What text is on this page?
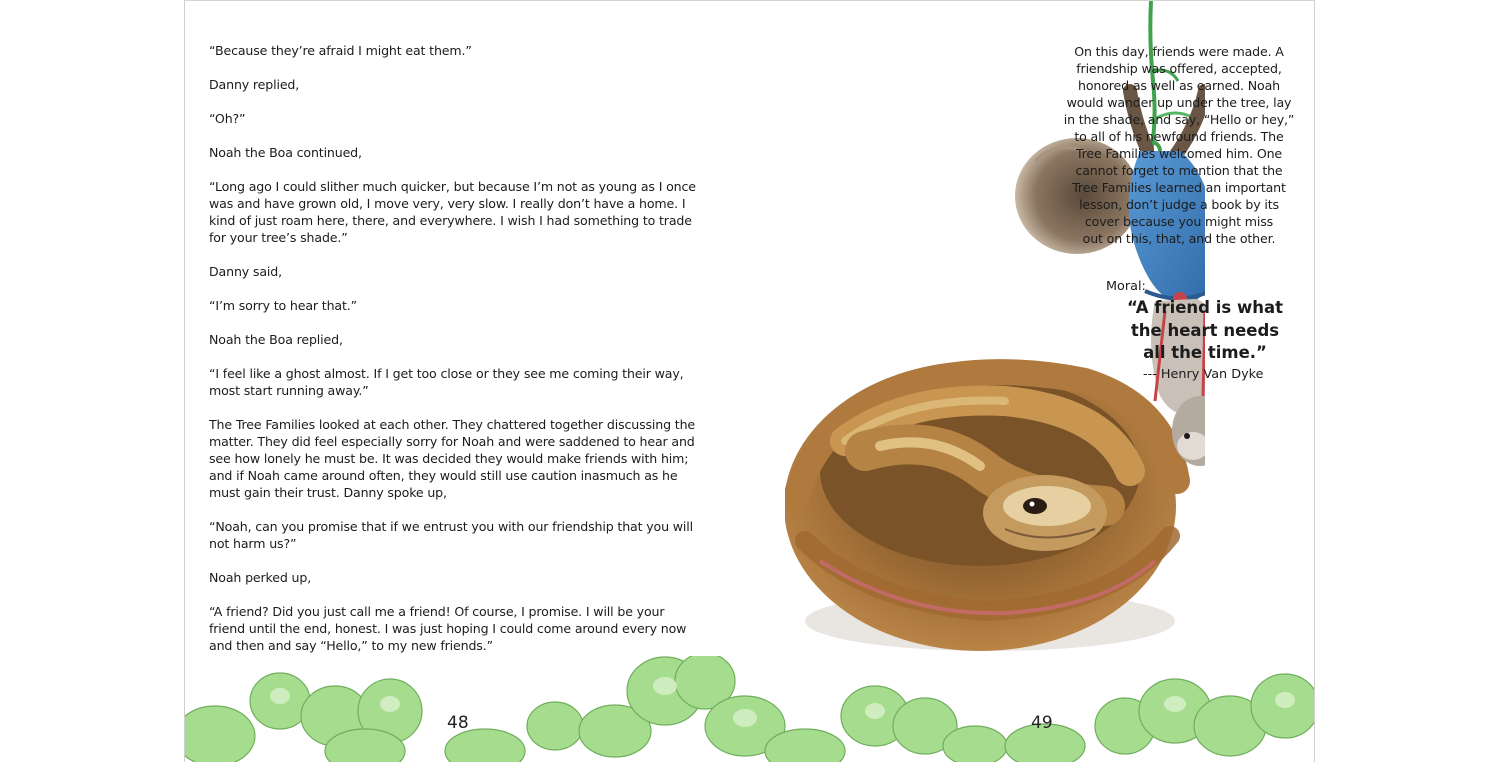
“Because they’re afraid I might eat them.”

Danny replied,

“Oh?”

Noah the Boa continued,

“Long ago I could slither much quicker, but because I’m not as young as I once was and have grown old, I move very, very slow. I really don’t have a home. I kind of just roam here, there, and everywhere. I wish I had something to trade for your tree’s shade.”

Danny said,

“I’m sorry to hear that.”

Noah the Boa replied,

“I feel like a ghost almost. If I get too close or they see me coming their way, most start running away.”

The Tree Families looked at each other. They chattered together discussing the matter. They did feel especially sorry for Noah and were saddened to hear and see how lonely he must be. It was decided they would make friends with him; and if Noah came around often, they would still use caution inasmuch as he must gain their trust. Danny spoke up,

“Noah, can you promise that if we entrust you with our friendship that you will not harm us?”

Noah perked up,

“A friend? Did you just call me a friend! Of course, I promise. I will be your friend until the end, honest. I was just hoping I could come around every now and then and say “Hello,” to my new friends.”

On this day, friends were made. A
friendship was offered, accepted,
honored as well as earned. Noah
would wander up under the tree, lay
in the shade, and say, “Hello or hey,”
to all of his newfound friends. The
Tree Families welcomed him. One
cannot forget to mention that the
Tree Families learned an important
lesson, don’t judge a book by its
cover because you might miss
out on this, that, and the other.
Moral:
“A friend is what
the heart needs
all the time.”
--- Henry Van Dyke
48	49
